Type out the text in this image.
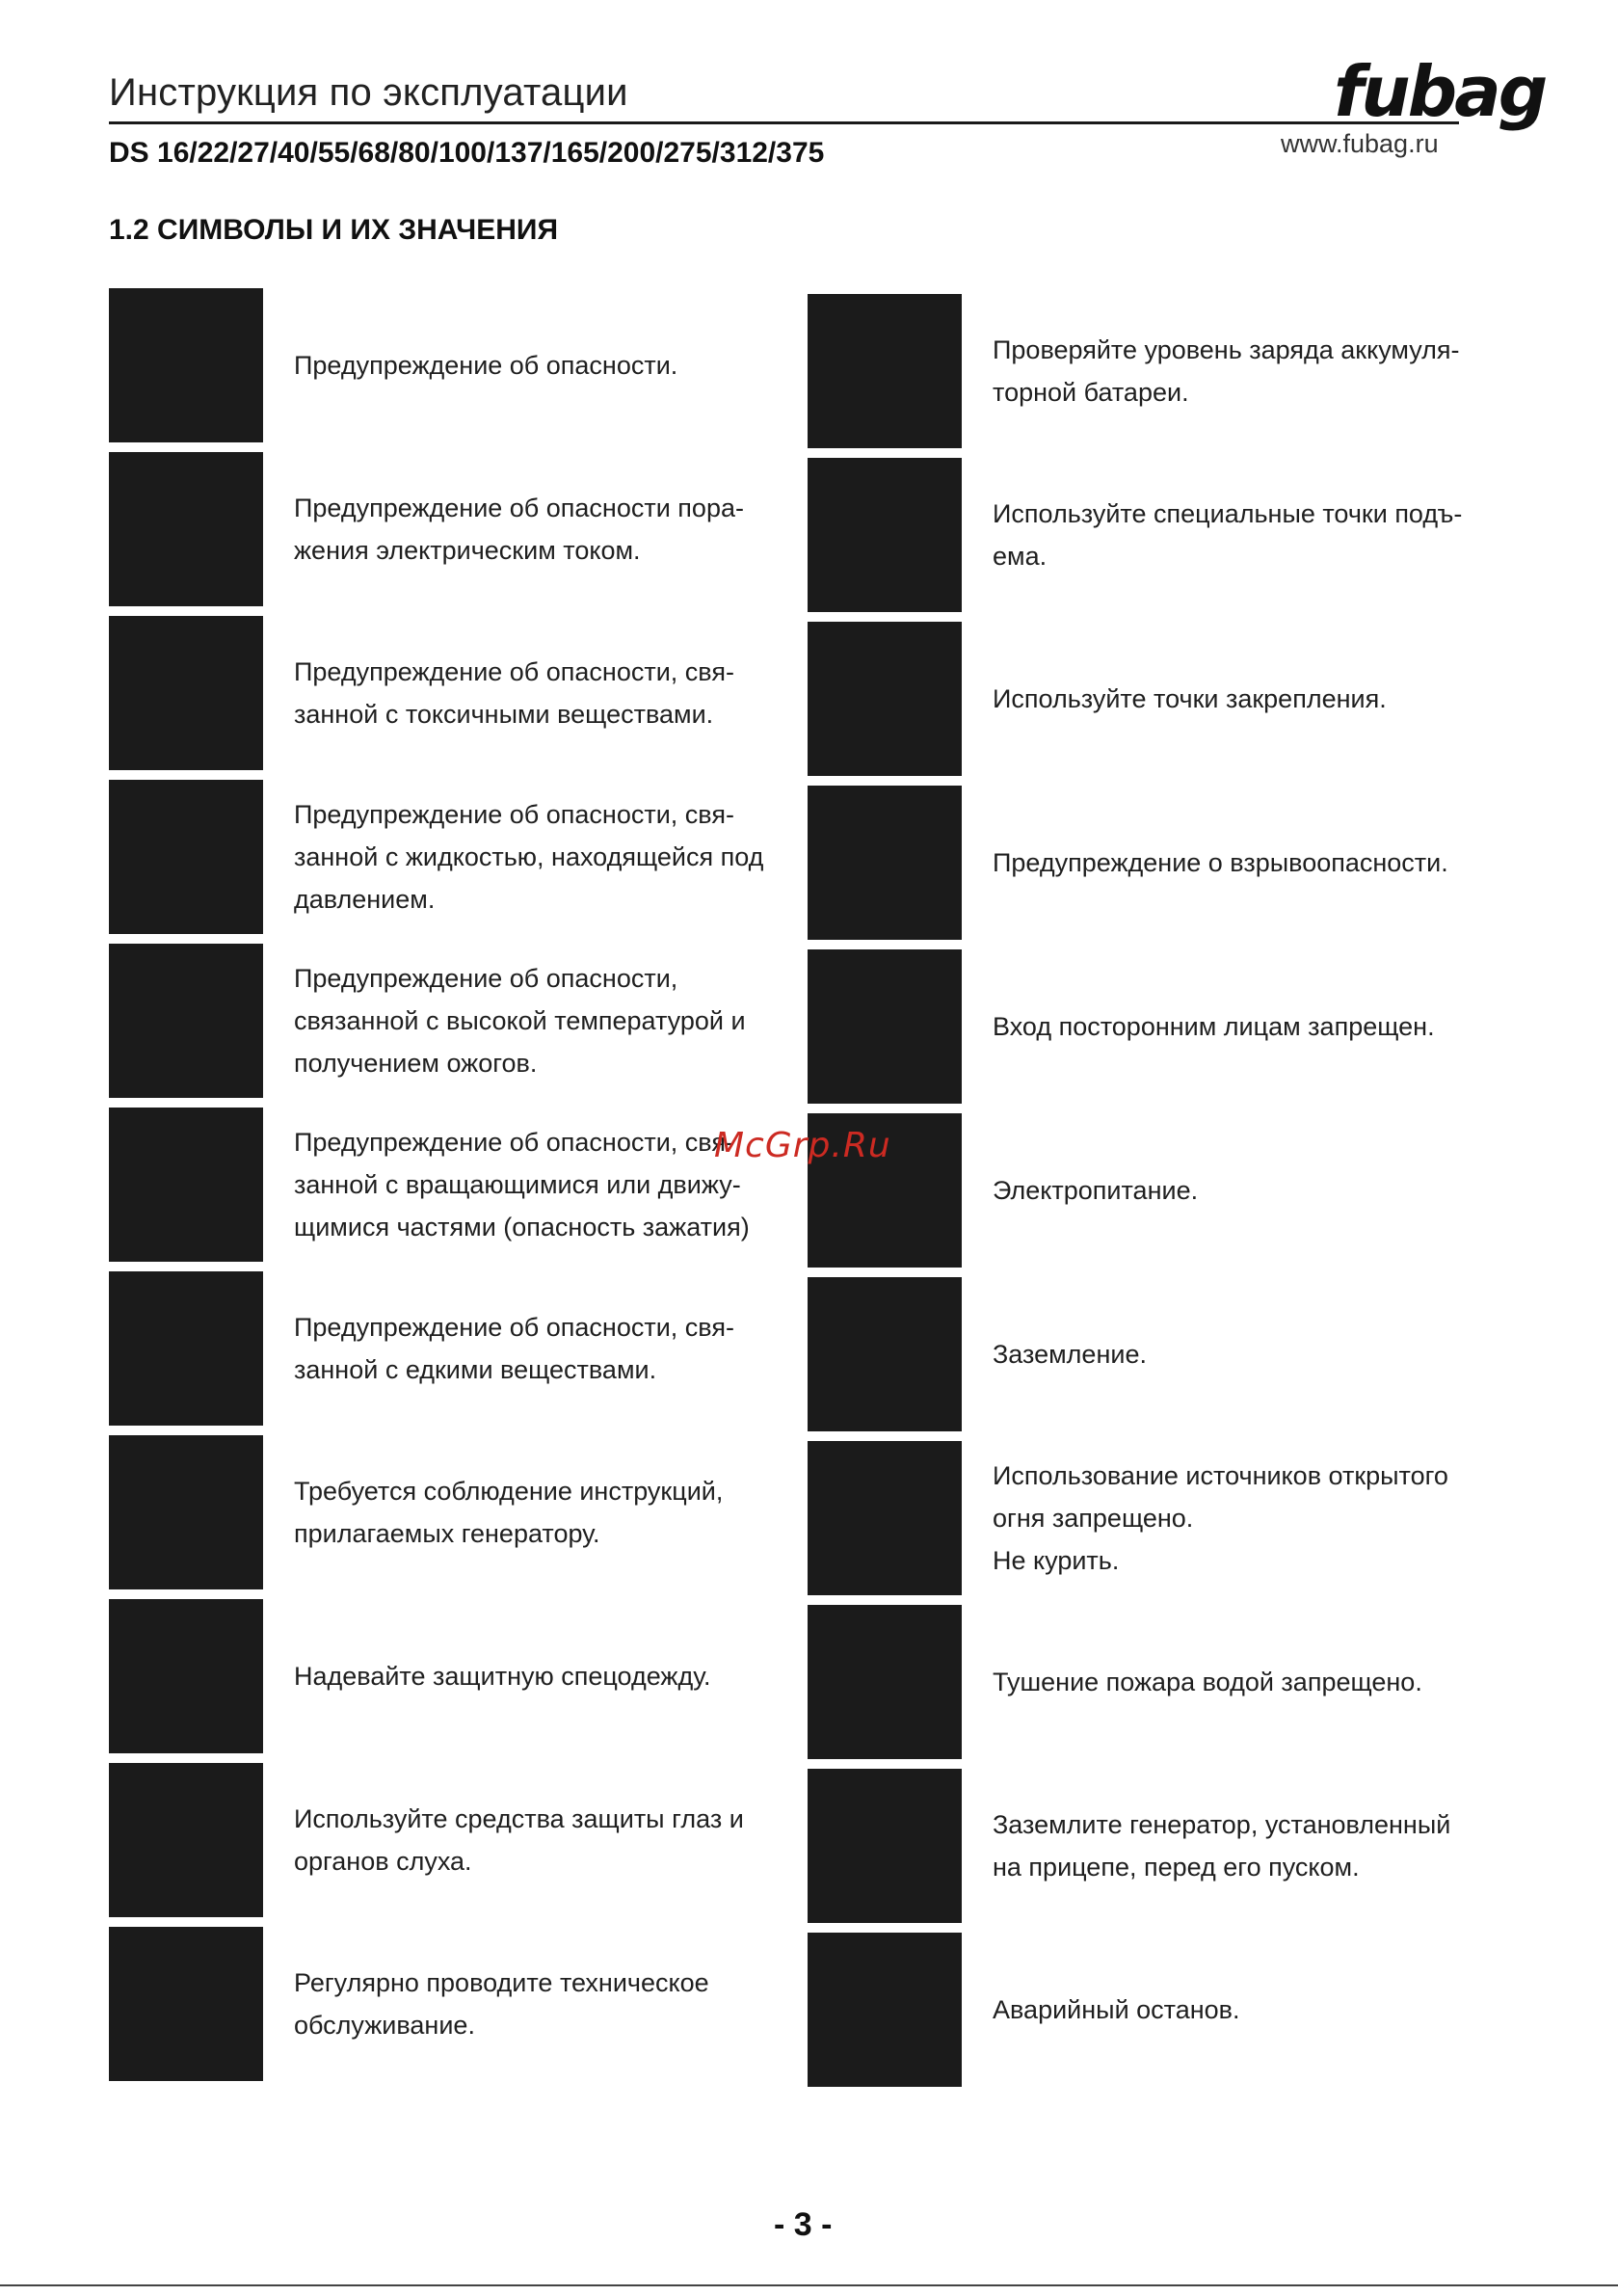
Инструкция по эксплуатации
DS 16/22/27/40/55/68/80/100/137/165/200/275/312/375	www.fubag.ru
fubag
1.2 СИМВОЛЫ И ИХ ЗНАЧЕНИЯ
Предупреждение об опасности.
Предупреждение об опасности пора-
жения электрическим током.
Предупреждение об опасности, свя-
занной с токсичными веществами.
Предупреждение об опасности, свя-
занной с жидкостью, находящейся под
давлением.
Предупреждение об опасности,
связанной с высокой температурой и
получением ожогов.
Предупреждение об опасности, свя-
занной с вращающимися или движу-
щимися частями (опасность зажатия)
Предупреждение об опасности, свя-
занной с едкими веществами.
Требуется соблюдение инструкций,
прилагаемых генератору.
Надевайте защитную спецодежду.
Используйте средства защиты глаз и
органов слуха.
Регулярно проводите техническое
обслуживание.
Проверяйте уровень заряда аккумуля-
торной батареи.
Используйте специальные точки подъ-
ема.
Используйте точки закрепления.
Предупреждение о взрывоопасности.
Вход посторонним лицам запрещен.
Электропитание.
Заземление.
Использование источников открытого
огня запрещено.
Не курить.
Тушение пожара водой запрещено.
Заземлите генератор, установленный
на прицепе, перед его пуском.
Аварийный останов.
McGrp.Ru
- 3 -
